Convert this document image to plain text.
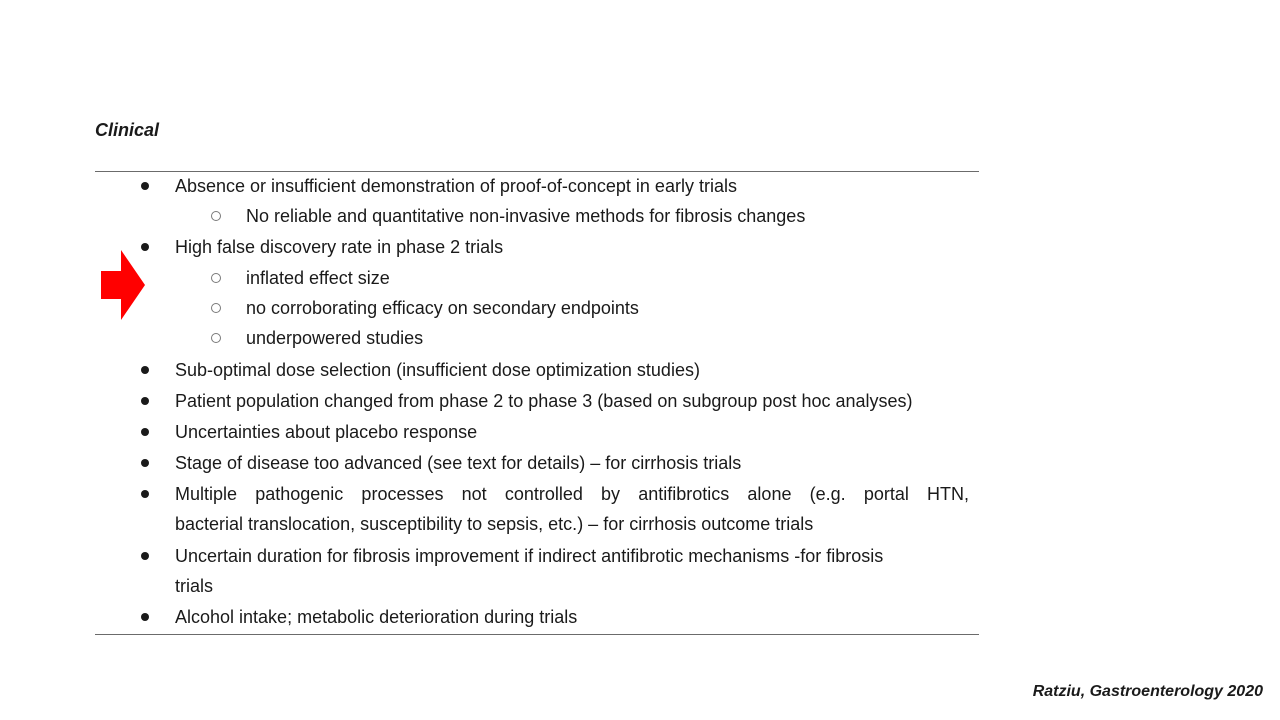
Clinical
Absence or insufficient demonstration of proof-of-concept in early trials
No reliable and quantitative non-invasive methods for fibrosis changes
High false discovery rate in phase 2 trials
inflated effect size
no corroborating efficacy on secondary endpoints
underpowered studies
Sub-optimal dose selection (insufficient dose optimization studies)
Patient population changed from phase 2 to phase 3 (based on subgroup post hoc analyses)
Uncertainties about placebo response
Stage of disease too advanced (see text for details) – for cirrhosis trials
Multiple pathogenic processes not controlled by antifibrotics alone (e.g. portal HTN,
bacterial translocation, susceptibility to sepsis, etc.) – for cirrhosis outcome trials
Uncertain duration for fibrosis improvement if indirect antifibrotic mechanisms -for fibrosis
trials
Alcohol intake; metabolic deterioration during trials
Ratziu, Gastroenterology 2020
